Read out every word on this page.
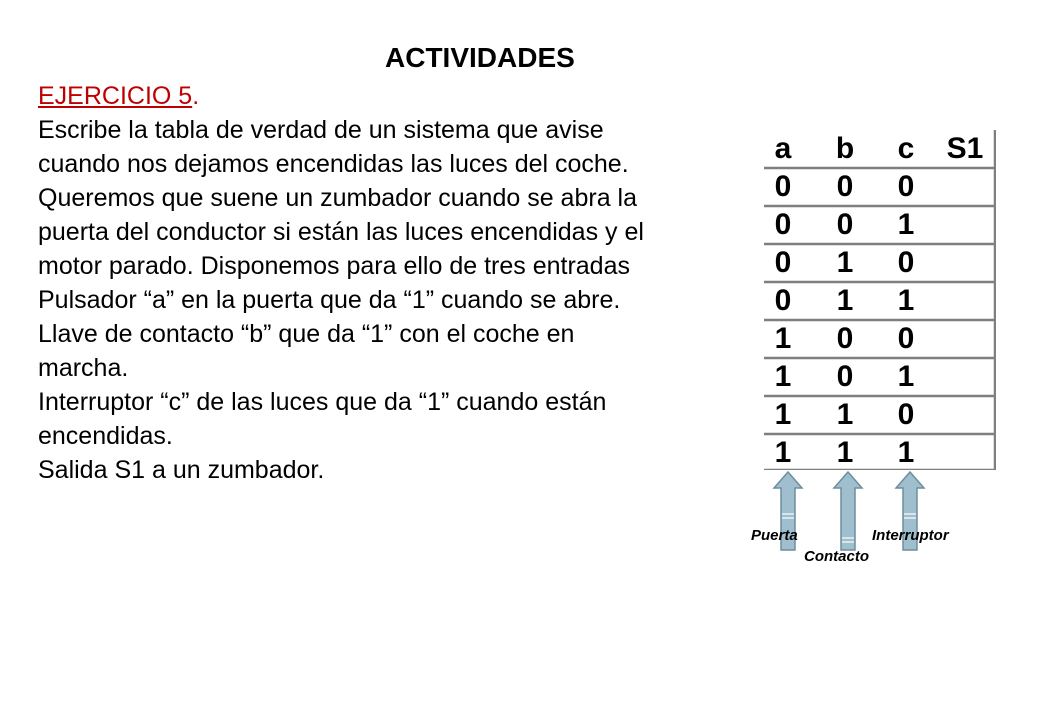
ACTIVIDADES
EJERCICIO 5.

Escribe la tabla de verdad de un sistema que avise cuando nos dejamos encendidas las luces del coche. Queremos que suene un zumbador cuando se abra la puerta del conductor si están las luces encendidas y el motor parado. Disponemos para ello de tres entradas

Pulsador “a” en la puerta que da “1” cuando se abre.

Llave de contacto “b” que da “1” con el coche en marcha.

Interruptor “c” de las luces que da “1” cuando están encendidas.

Salida S1 a un zumbador.

a	b	c	S1
0	0	0
0	0	1
0	1	0
0	1	1
1	0	0
1	0	1
1	1	0
1	1	1
Puerta	Interruptor
Contacto
